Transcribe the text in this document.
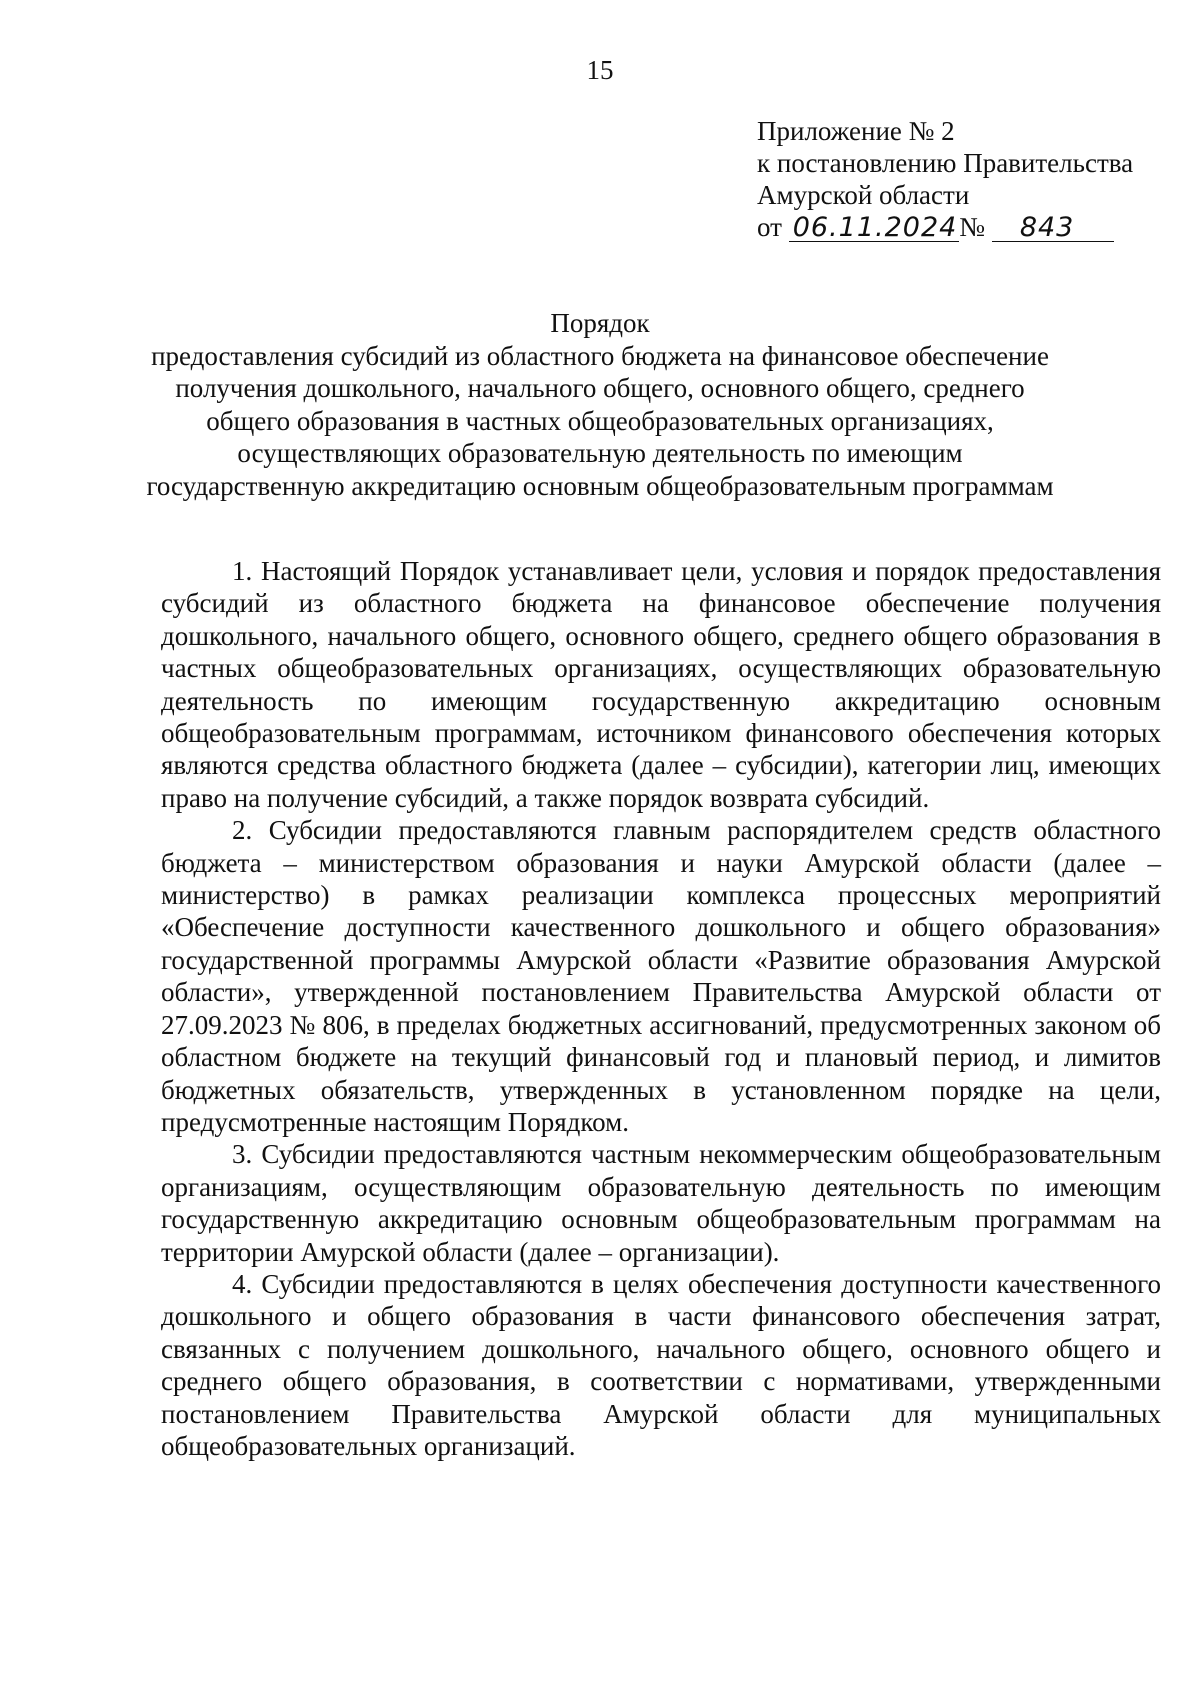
15
Приложение № 2
к постановлению Правительства
Амурской области
от 06.11.2024№ 843
Порядок
предоставления субсидий из областного бюджета на финансовое обеспечение
получения дошкольного, начального общего, основного общего, среднего
общего образования в частных общеобразовательных организациях,
осуществляющих образовательную деятельность по имеющим
государственную аккредитацию основным общеобразовательным программам

1. Настоящий Порядок устанавливает цели, условия и порядок предоставления субсидий из областного бюджета на финансовое обеспечение получения дошкольного, начального общего, основного общего, среднего общего образования в частных общеобразовательных организациях, осуществляющих образовательную деятельность по имеющим государственную аккредитацию основным общеобразовательным программам, источником финансового обеспечения которых являются средства областного бюджета (далее – субсидии), категории лиц, имеющих право на получение субсидий, а также порядок возврата субсидий.

2. Субсидии предоставляются главным распорядителем средств областного бюджета – министерством образования и науки Амурской области (далее – министерство) в рамках реализации комплекса процессных мероприятий «Обеспечение доступности качественного дошкольного и общего образования» государственной программы Амурской области «Развитие образования Амурской области», утвержденной постановлением Правительства Амурской области от 27.09.2023 № 806, в пределах бюджетных ассигнований, предусмотренных законом об областном бюджете на текущий финансовый год и плановый период, и лимитов бюджетных обязательств, утвержденных в установленном порядке на цели, предусмотренные настоящим Порядком.

3. Субсидии предоставляются частным некоммерческим общеобразовательным организациям, осуществляющим образовательную деятельность по имеющим государственную аккредитацию основным общеобразовательным программам на территории Амурской области (далее – организации).

4. Субсидии предоставляются в целях обеспечения доступности качественного дошкольного и общего образования в части финансового обеспечения затрат, связанных с получением дошкольного, начального общего, основного общего и среднего общего образования, в соответствии с нормативами, утвержденными постановлением Правительства Амурской области для муниципальных общеобразовательных организаций.
